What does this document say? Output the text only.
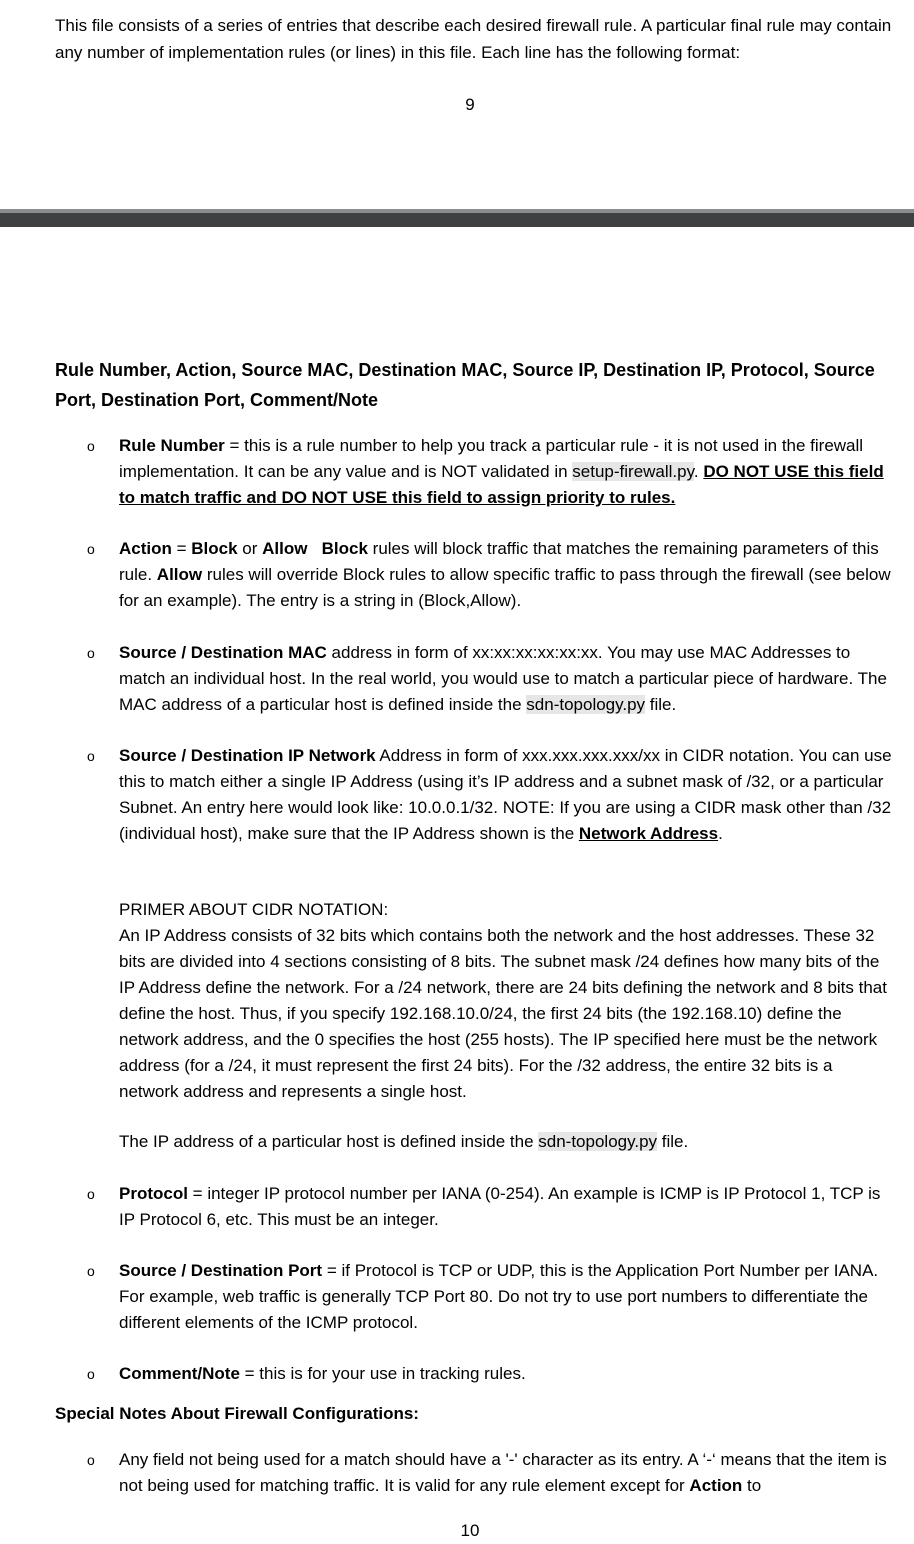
This file consists of a series of entries that describe each desired firewall rule. A particular final rule may contain any number of implementation rules (or lines) in this file. Each line has the following format:
9
Rule Number, Action, Source MAC, Destination MAC, Source IP, Destination IP, Protocol, Source Port, Destination Port, Comment/Note
o Rule Number = this is a rule number to help you track a particular rule - it is not used in the firewall implementation. It can be any value and is NOT validated in setup-firewall.py. DO NOT USE this field to match traffic and DO NOT USE this field to assign priority to rules.
o Action = Block or Allow Block rules will block traffic that matches the remaining parameters of this rule. Allow rules will override Block rules to allow specific traffic to pass through the firewall (see below for an example). The entry is a string in (Block,Allow).
o Source / Destination MAC address in form of xx:xx:xx:xx:xx:xx. You may use MAC Addresses to match an individual host. In the real world, you would use to match a particular piece of hardware. The MAC address of a particular host is defined inside the sdn-topology.py file.
o Source / Destination IP Network Address in form of xxx.xxx.xxx.xxx/xx in CIDR notation. You can use this to match either a single IP Address (using it’s IP address and a subnet mask of /32, or a particular Subnet. An entry here would look like: 10.0.0.1/32. NOTE: If you are using a CIDR mask other than /32 (individual host), make sure that the IP Address shown is the Network Address.
PRIMER ABOUT CIDR NOTATION:
An IP Address consists of 32 bits which contains both the network and the host addresses. These 32 bits are divided into 4 sections consisting of 8 bits. The subnet mask /24 defines how many bits of the IP Address define the network. For a /24 network, there are 24 bits defining the network and 8 bits that define the host. Thus, if you specify 192.168.10.0/24, the first 24 bits (the 192.168.10) define the network address, and the 0 specifies the host (255 hosts). The IP specified here must be the network address (for a /24, it must represent the first 24 bits). For the /32 address, the entire 32 bits is a network address and represents a single host.
The IP address of a particular host is defined inside the sdn-topology.py file.
o Protocol = integer IP protocol number per IANA (0-254). An example is ICMP is IP Protocol 1, TCP is IP Protocol 6, etc. This must be an integer.
o Source / Destination Port = if Protocol is TCP or UDP, this is the Application Port Number per IANA. For example, web traffic is generally TCP Port 80. Do not try to use port numbers to differentiate the different elements of the ICMP protocol.
o Comment/Note = this is for your use in tracking rules.
Special Notes About Firewall Configurations:
o Any field not being used for a match should have a '-' character as its entry. A ‘-‘ means that the item is not being used for matching traffic. It is valid for any rule element except for Action to
10
